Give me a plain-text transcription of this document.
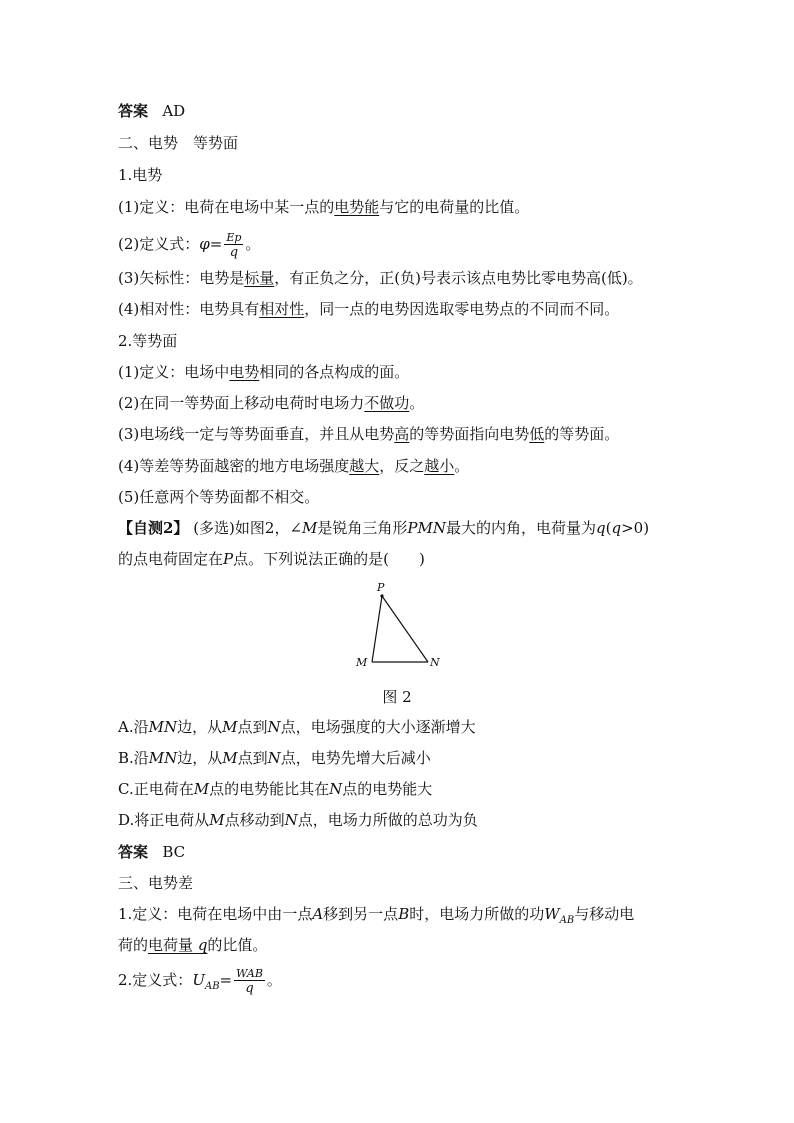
答案 AD
二、电势　等势面
1.电势
(1)定义：电荷在电场中某一点的电势能与它的电荷量的比值。
(2)定义式：$\varphi= \frac{Ep}{q}$ 。
(3)矢标性：电势是标量，有正负之分，正(负)号表示该点电势比零电势高(低)。
(4)相对性：电势具有相对性，同一点的电势因选取零电势点的不同而不同。
2.等势面
(1)定义：电场中电势相同的各点构成的面。
(2)在同一等势面上移动电荷时电场力不做功。
(3)电场线一定与等势面垂直，并且从电势高的等势面指向电势低的等势面。
(4)等差等势面越密的地方电场强度越大，反之越小。
(5)任意两个等势面都不相交。
【自测2】 (多选)如图2，∠M是锐角三角形PMN最大的内角，电荷量为q(q>0)
的点电荷固定在P点。下列说法正确的是(　　)
P
M	N
图 2
A.沿MN边，从M点到N点，电场强度的大小逐渐增大
B.沿MN边，从M点到N点，电势先增大后减小
C.正电荷在M点的电势能比其在N点的电势能大
D.将正电荷从M点移动到N点，电场力所做的总功为负
答案 BC
三、电势差
1.定义：电荷在电场中由一点A移到另一点B时，电场力所做的功$W_{AB}$与移动电
荷的电荷量 q的比值。
2.定义式：$U_{AB}= \frac{\text{WAB}}{q}$ 。
